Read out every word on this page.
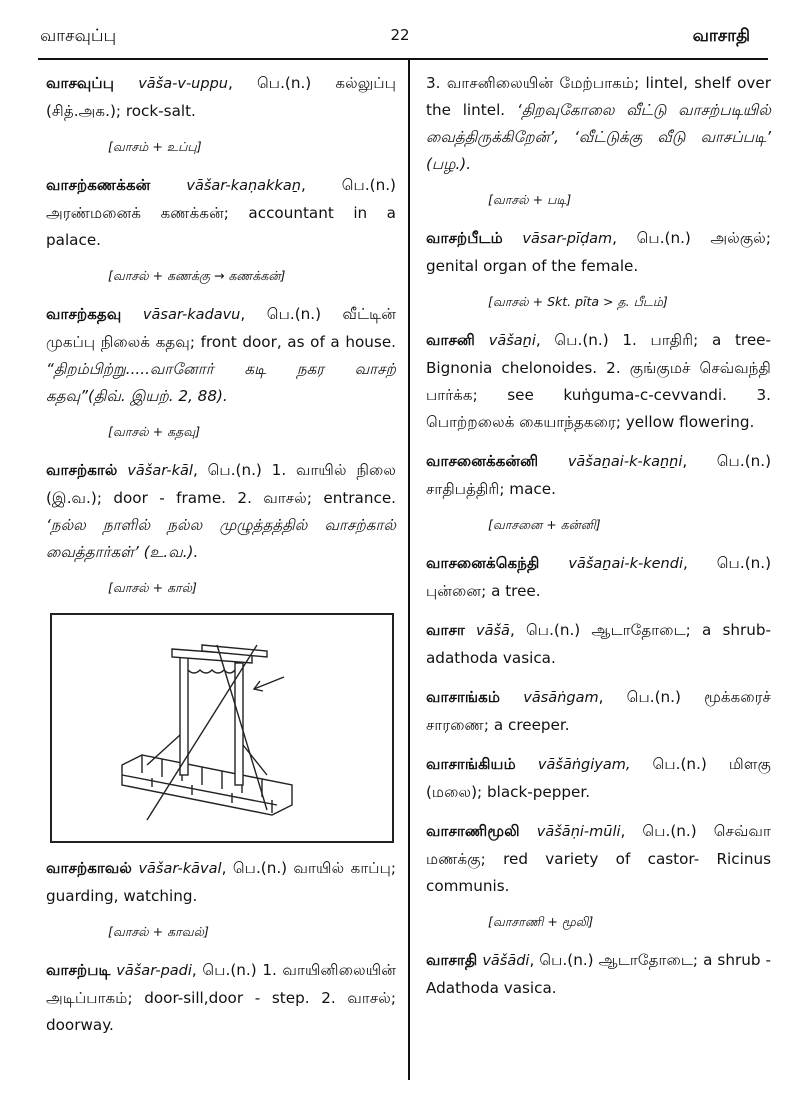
வாசவுப்பு	22	வாசாதி

வாசவுப்பு vāša-v-uppu, பெ.(n.) கல்லுப்பு (சித்.அக.); rock-salt.

[வாசம் + உப்பு]

வாசற்கணக்கன் vāšar-kaṇakkaṉ, பெ.(n.) அரண்மனைக் கணக்கன்; accountant in a palace.

[வாசல் + கணக்கு → கணக்கன்]

வாசற்கதவு vāsar-kadavu, பெ.(n.) வீட்டின் முகப்பு நிலைக் கதவு; front door, as of a house. “திறம்பிற்று.....வானோர் கடி நகர வாசற் கதவு”(திவ். இயற். 2, 88).

[வாசல் + கதவு]

வாசற்கால் vāšar-kāl, பெ.(n.) 1. வாயில் நிலை (இ.வ.); door - frame. 2. வாசல்; entrance. ‘நல்ல நாளில் நல்ல முழுத்தத்தில் வாசற்கால் வைத்தார்கள்’ (உ.வ.).

[வாசல் + கால்]

வாசற்காவல் vāšar-kāval, பெ.(n.) வாயில் காப்பு; guarding, watching.

[வாசல் + காவல்]

வாசற்படி vāšar-padi, பெ.(n.) 1. வாயினிலையின் அடிப்பாகம்; door-sill,door - step. 2. வாசல்; doorway.

3. வாசனிலையின் மேற்பாகம்; lintel, shelf over the lintel. ‘திறவுகோலை வீட்டு வாசற்படியில் வைத்திருக்கிறேன்’, ‘வீட்டுக்கு வீடு வாசப்படி’ (பழ.).

[வாசல் + படி]

வாசற்பீடம் vāsar-pīḍam, பெ.(n.) அல்குல்; genital organ of the female.

[வாசல் + Skt. pīta > த. பீடம்]

வாசனி vāšaṉi, பெ.(n.) 1. பாதிரி; a tree- Bignonia chelonoides. 2. குங்குமச் செவ்வந்தி பார்க்க; see kuṅguma-c-cevvandi. 3. பொற்றலைக் கையாந்தகரை; yellow flowering.

வாசனைக்கன்னி vāšaṉai-k-kaṉṉi, பெ.(n.) சாதிபத்திரி; mace.

[வாசனை + கன்னி]

வாசனைக்கெந்தி vāšaṉai-k-kendi, பெ.(n.) புன்னை; a tree.

வாசா vāšā, பெ.(n.) ஆடாதோடை; a shrub-adathoda vasica.

வாசாங்கம் vāsāṅgam, பெ.(n.) மூக்கரைச் சாரணை; a creeper.

வாசாங்கியம் vāšāṅgiyam, பெ.(n.) மிளகு (மலை); black-pepper.

வாசாணிமூலி vāšāṇi-mūli, பெ.(n.) செவ்வா மணக்கு; red variety of castor- Ricinus communis.

[வாசாணி + மூலி]

வாசாதி vāšādi, பெ.(n.) ஆடாதோடை; a shrub - Adathoda vasica.
